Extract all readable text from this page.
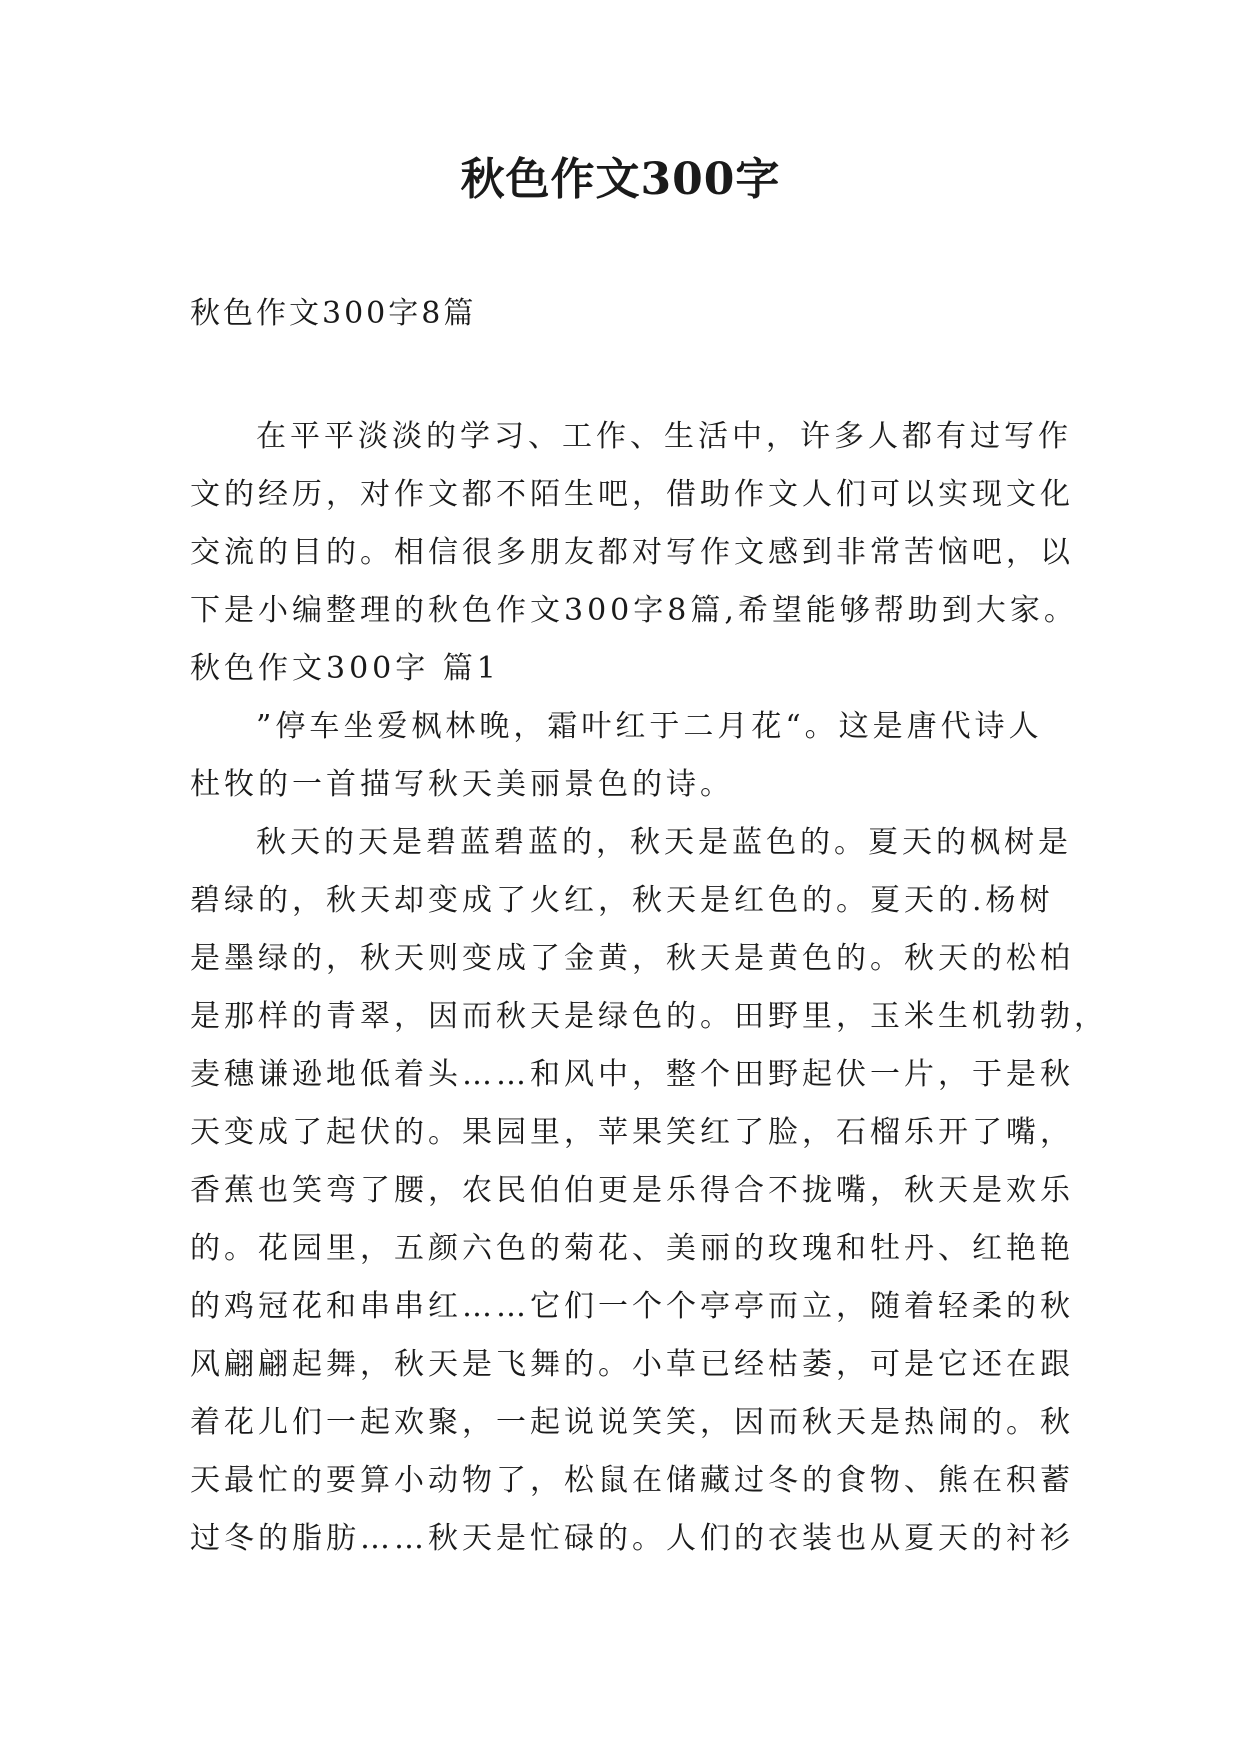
秋色作文300字
秋色作文300字8篇
在平平淡淡的学习、工作、生活中，许多人都有过写作
文的经历，对作文都不陌生吧，借助作文人们可以实现文化
交流的目的。相信很多朋友都对写作文感到非常苦恼吧，以
下是小编整理的秋色作文300字8篇,希望能够帮助到大家。
秋色作文300字 篇1
”停车坐爱枫林晚，霜叶红于二月花“。这是唐代诗人
杜牧的一首描写秋天美丽景色的诗。
秋天的天是碧蓝碧蓝的，秋天是蓝色的。夏天的枫树是
碧绿的，秋天却变成了火红，秋天是红色的。夏天的.杨树
是墨绿的，秋天则变成了金黄，秋天是黄色的。秋天的松柏
是那样的青翠，因而秋天是绿色的。田野里，玉米生机勃勃，
麦穗谦逊地低着头……和风中，整个田野起伏一片，于是秋
天变成了起伏的。果园里，苹果笑红了脸，石榴乐开了嘴，
香蕉也笑弯了腰，农民伯伯更是乐得合不拢嘴，秋天是欢乐
的。花园里，五颜六色的菊花、美丽的玫瑰和牡丹、红艳艳
的鸡冠花和串串红……它们一个个亭亭而立，随着轻柔的秋
风翩翩起舞，秋天是飞舞的。小草已经枯萎，可是它还在跟
着花儿们一起欢聚，一起说说笑笑，因而秋天是热闹的。秋
天最忙的要算小动物了，松鼠在储藏过冬的食物、熊在积蓄
过冬的脂肪……秋天是忙碌的。人们的衣装也从夏天的衬衫
